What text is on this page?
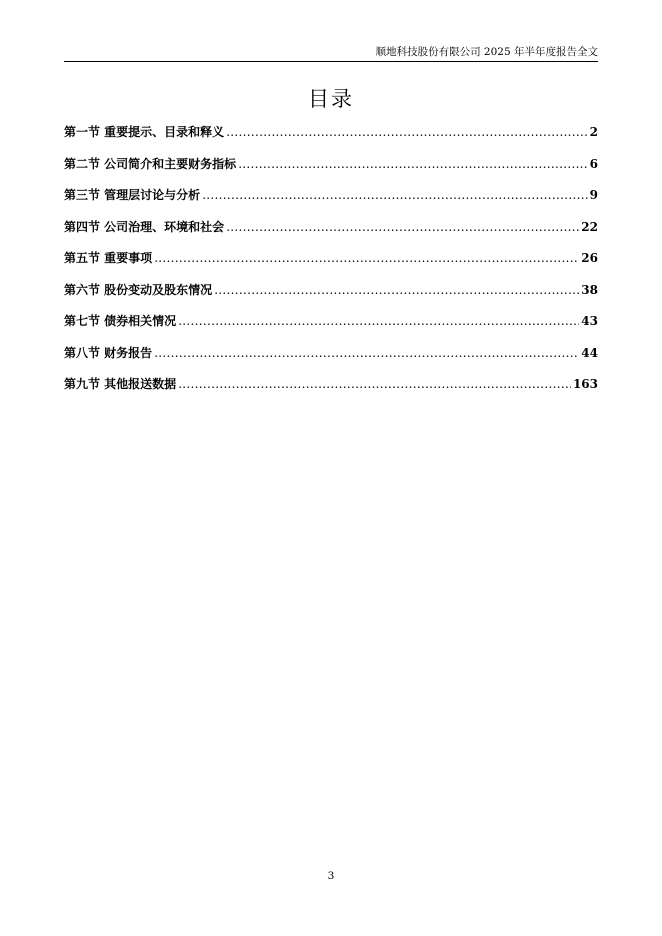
顺地科技股份有限公司 2025 年半年度报告全文
目录
第一节 重要提示、目录和释义 .....	2
第二节 公司简介和主要财务指标 .....	6
第三节 管理层讨论与分析 .....	9
第四节 公司治理、环境和社会 .....	22
第五节 重要事项 .....	26
第六节 股份变动及股东情况 .....	38
第七节 债券相关情况 .....	43
第八节 财务报告 .....	44
第九节 其他报送数据 .....	163
3
